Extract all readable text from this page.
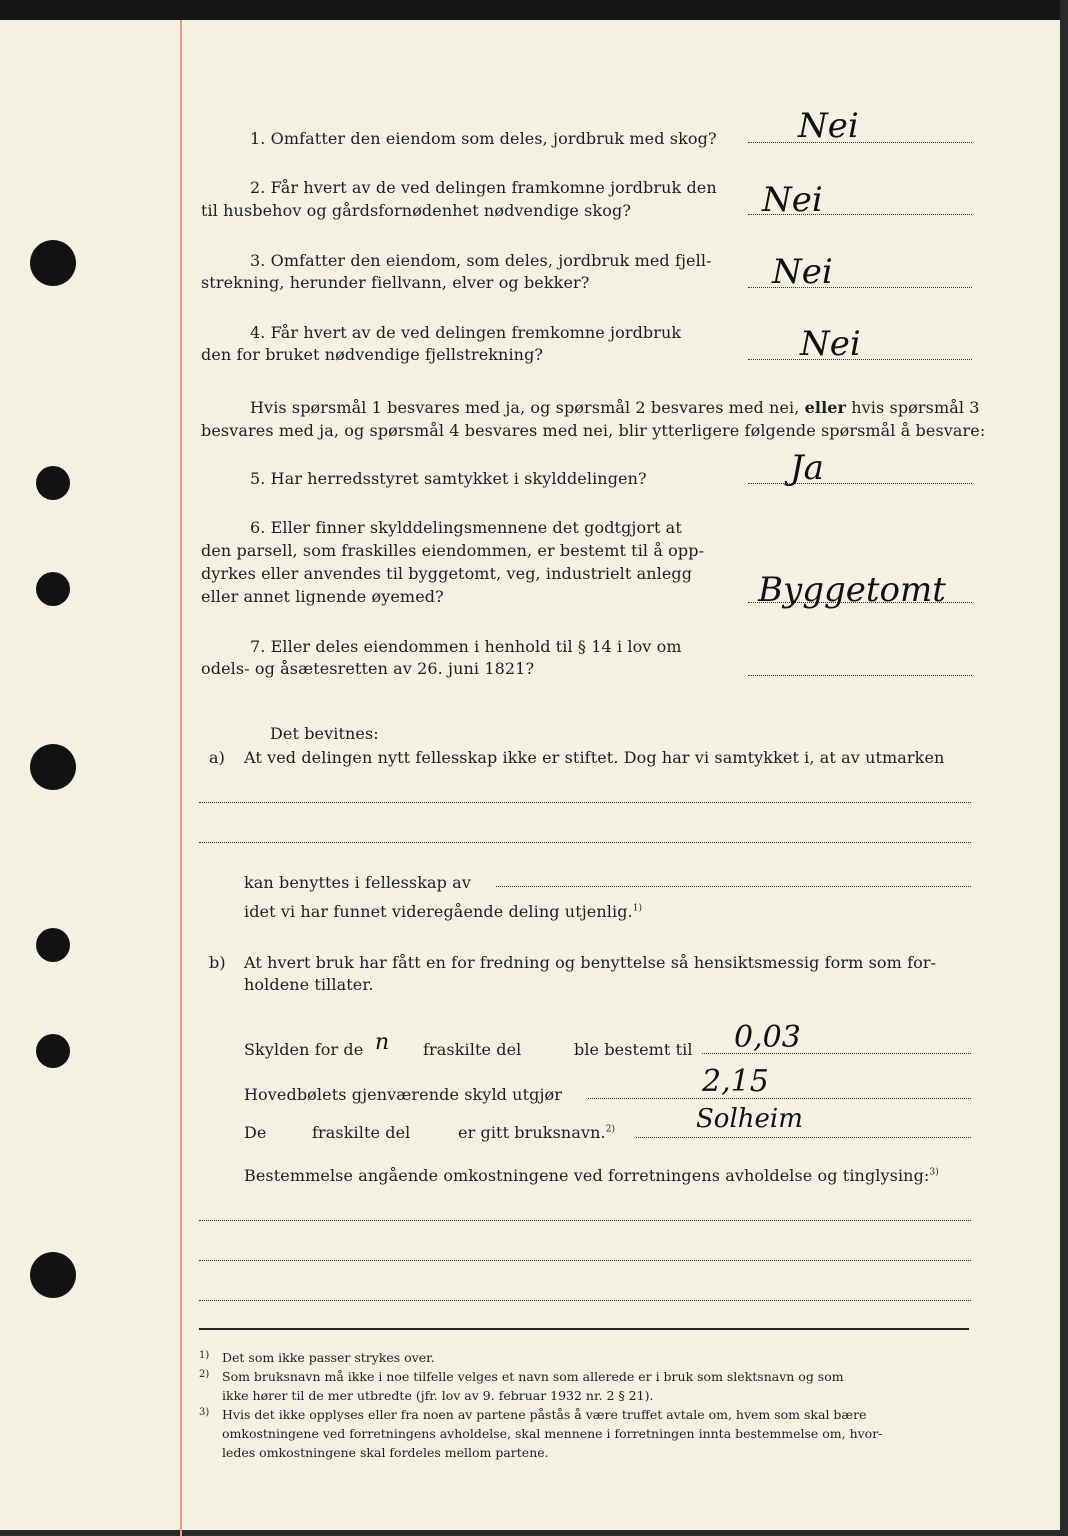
1. Omfatter den eiendom som deles, jordbruk med skog? Nei
2. Får hvert av de ved delingen framkomne jordbruk den
til husbehov og gårdsfornødenhet nødvendige skog?	Nei
3. Omfatter den eiendom, som deles, jordbruk med fjell-
strekning, herunder fiellvann, elver og bekker?	Nei
4. Får hvert av de ved delingen fremkomne jordbruk
den for bruket nødvendige fjellstrekning?	Nei
Hvis spørsmål 1 besvares med ja, og spørsmål 2 besvares med nei, eller hvis spørsmål 3
besvares med ja, og spørsmål 4 besvares med nei, blir ytterligere følgende spørsmål å besvare:
5. Har herredsstyret samtykket i skylddelingen?	Ja
6. Eller finner skylddelingsmennene det godtgjort at
den parsell, som fraskilles eiendommen, er bestemt til å opp-
dyrkes eller anvendes til byggetomt, veg, industrielt anlegg
eller annet lignende øyemed?	Byggetomt
7. Eller deles eiendommen i henhold til § 14 i lov om
odels- og åsætesretten av 26. juni 1821?
Det bevitnes:
a) At ved delingen nytt fellesskap ikke er stiftet. Dog har vi samtykket i, at av utmarken
kan benyttes i fellesskap av
idet vi har funnet videregående deling utjenlig.$^{1)}$
b) At hvert bruk har fått en for fredning og benyttelse så hensiktsmessig form som for-
holdene tillater.
Skylden for de n fraskilte del	ble bestemt til 0,03
Hovedbølets gjenværende skyld utgjør	2,15
De	fraskilte del	er gitt bruksnavn.$^{2)}$	Solheim
Bestemmelse angående omkostningene ved forretningens avholdelse og tinglysing:$^{3)}$
1) Det som ikke passer strykes over.
2) Som bruksnavn må ikke i noe tilfelle velges et navn som allerede er i bruk som slektsnavn og som
ikke hører til de mer utbredte (jfr. lov av 9. februar 1932 nr. 2 § 21).
3) Hvis det ikke opplyses eller fra noen av partene påstås å være truffet avtale om, hvem som skal bære
omkostningene ved forretningens avholdelse, skal mennene i forretningen innta bestemmelse om, hvor-
ledes omkostningene skal fordeles mellom partene.
